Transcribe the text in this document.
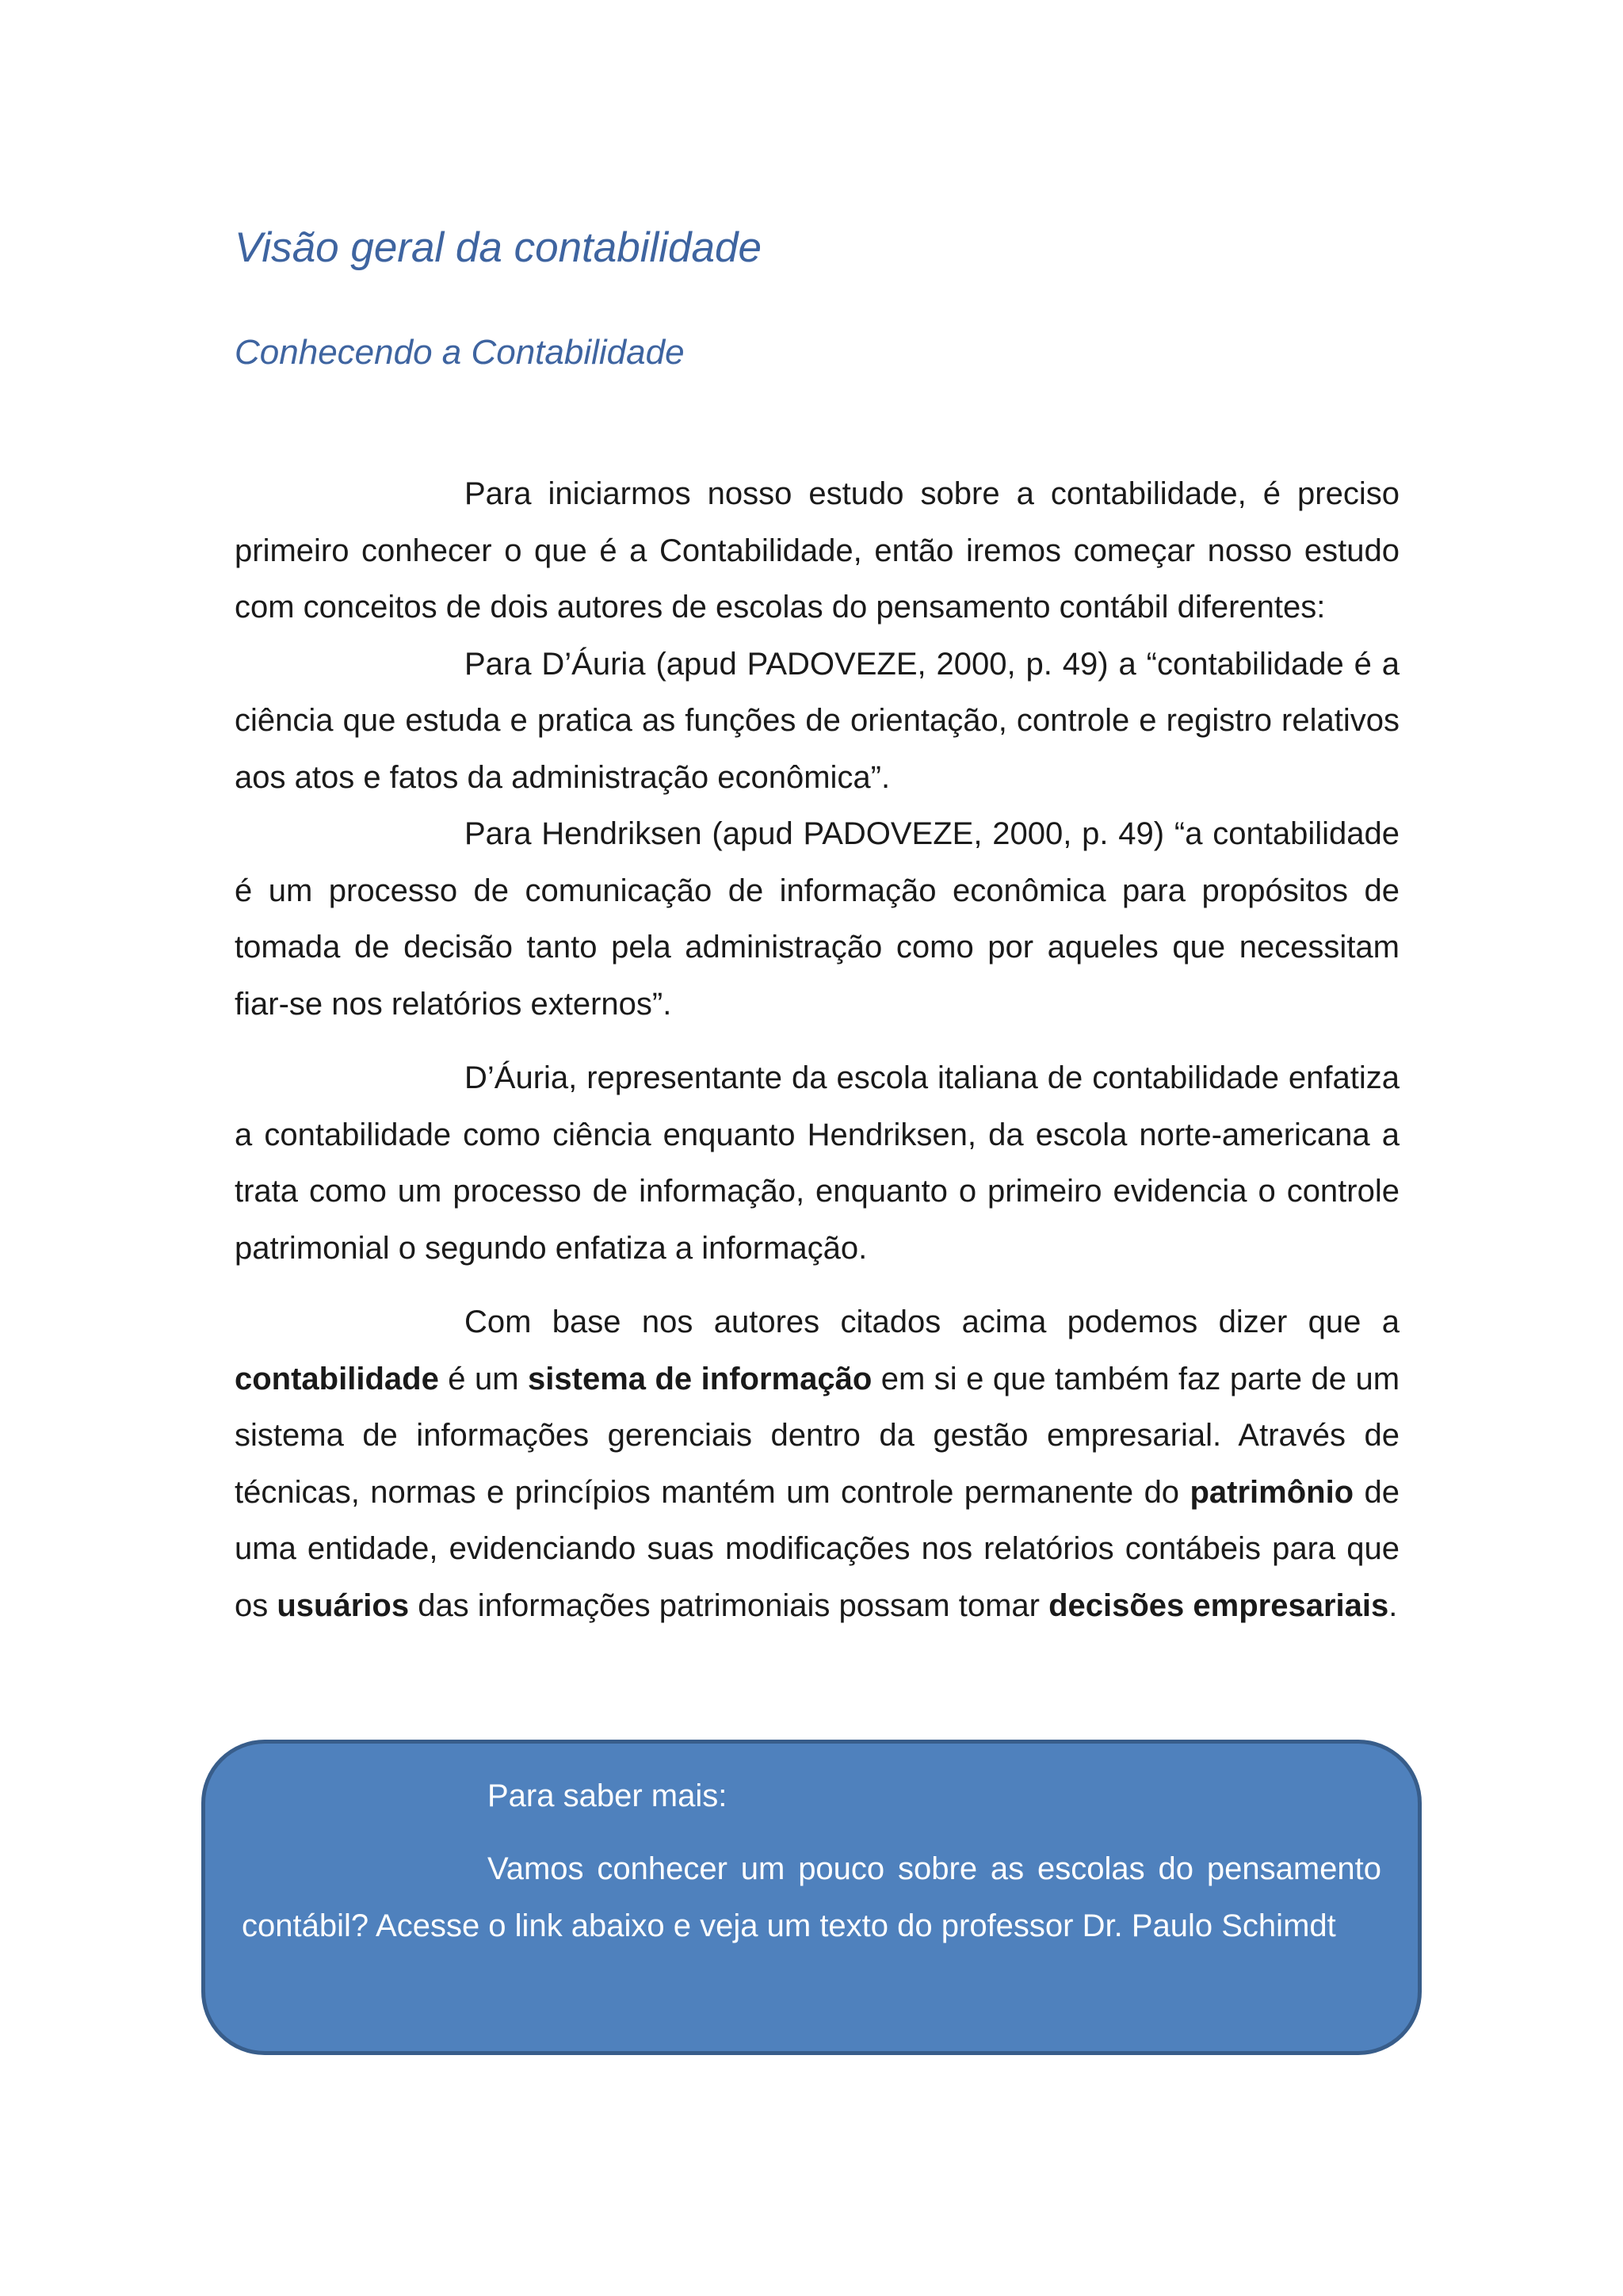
Visão geral da contabilidade
Conhecendo a Contabilidade

Para iniciarmos nosso estudo sobre a contabilidade, é preciso primeiro conhecer o que é a Contabilidade, então iremos começar nosso estudo com conceitos de dois autores de escolas do pensamento contábil diferentes:

Para D’Áuria (apud PADOVEZE, 2000, p. 49) a “contabilidade é a ciência que estuda e pratica as funções de orientação, controle e registro relativos aos atos e fatos da administração econômica”.

Para Hendriksen (apud PADOVEZE, 2000, p. 49) “a contabilidade é um processo de comunicação de informação econômica para propósitos de tomada de decisão tanto pela administração como por aqueles que necessitam fiar-se nos relatórios externos”.

D’Áuria, representante da escola italiana de contabilidade enfatiza a contabilidade como ciência enquanto Hendriksen, da escola norte-americana a trata como um processo de informação, enquanto o primeiro evidencia o controle patrimonial o segundo enfatiza a informação.

Com base nos autores citados acima podemos dizer que a contabilidade é um sistema de informação em si e que também faz parte de um sistema de informações gerenciais dentro da gestão empresarial. Através de técnicas, normas e princípios mantém um controle permanente do patrimônio de uma entidade, evidenciando suas modificações nos relatórios contábeis para que os usuários das informações patrimoniais possam tomar decisões empresariais.

Para saber mais:

Vamos conhecer um pouco sobre as escolas do pensamento contábil? Acesse o link abaixo e veja um texto do professor Dr. Paulo Schimdt
